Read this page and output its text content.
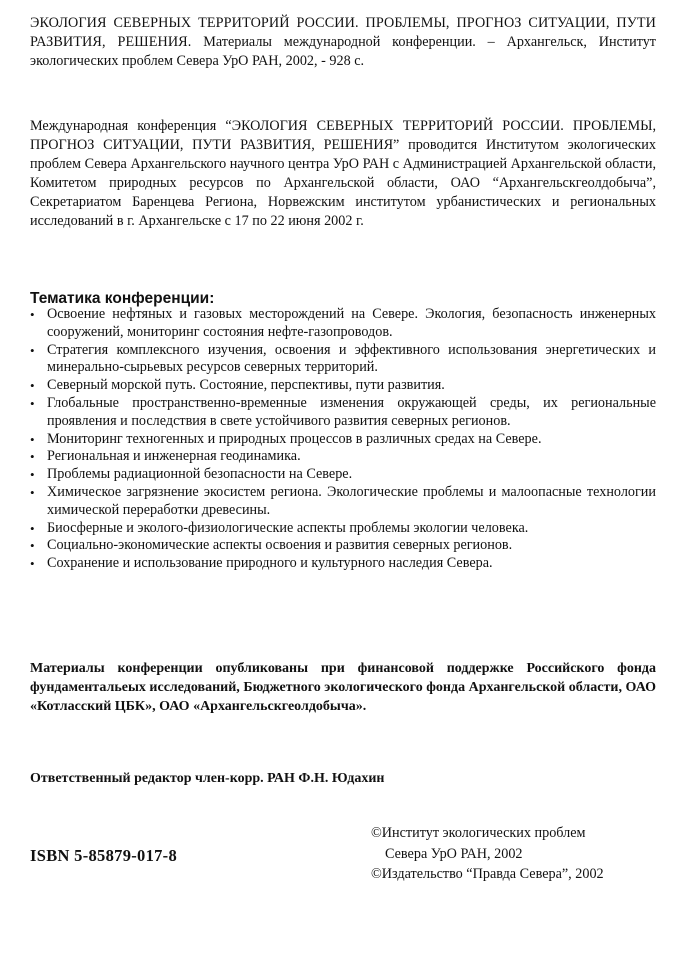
ЭКОЛОГИЯ СЕВЕРНЫХ ТЕРРИТОРИЙ РОССИИ. ПРОБЛЕМЫ, ПРОГНОЗ СИТУАЦИИ, ПУТИ РАЗВИТИЯ, РЕШЕНИЯ. Материалы международной конференции. – Архангельск, Институт экологических проблем Севера УрО РАН, 2002, - 928 с.

Международная конференция “ЭКОЛОГИЯ СЕВЕРНЫХ ТЕРРИТОРИЙ РОССИИ. ПРОБЛЕМЫ, ПРОГНОЗ СИТУАЦИИ, ПУТИ РАЗВИТИЯ, РЕШЕНИЯ” проводится Институтом экологических проблем Севера Архангельского научного центра УрО РАН с Администрацией Архангельской области, Комитетом природных ресурсов по Архангельской области, ОАО “Архангельскгеолдобыча”, Секретариатом Баренцева Региона, Норвежским институтом урбанистических и региональных исследований в г. Архангельске с 17 по 22 июня 2002 г.

Тематика конференции:
• Освоение нефтяных и газовых месторождений на Севере. Экология, безопасность инженерных сооружений, мониторинг состояния нефте-газопроводов.
• Стратегия комплексного изучения, освоения и эффективного использования энергетических и минерально-сырьевых ресурсов северных территорий.
• Северный морской путь. Состояние, перспективы, пути развития.
• Глобальные пространственно-временные изменения окружающей среды, их региональные проявления и последствия в свете устойчивого развития северных регионов.
• Мониторинг техногенных и природных процессов в различных средах на Севере.
• Региональная и инженерная геодинамика.
• Проблемы радиационной безопасности на Севере.
• Химическое загрязнение экосистем региона. Экологические проблемы и малоопасные технологии химической переработки древесины.
• Биосферные и эколого-физиологические аспекты проблемы экологии человека.
• Социально-экономические аспекты освоения и развития северных регионов.
• Сохранение и использование природного и культурного наследия Севера.

Материалы конференции опубликованы при финансовой поддержке Российского фонда фундаментальеых исследований, Бюджетного экологического фонда Архангельской области, ОАО «Котласский ЦБК», ОАО «Архангельскгеолдобыча».

Ответственный редактор член-корр. РАН Ф.Н. Юдахин

ISBN 5-85879-017-8
©Институт экологических проблем
Севера УрО РАН, 2002
©Издательство “Правда Севера”, 2002
